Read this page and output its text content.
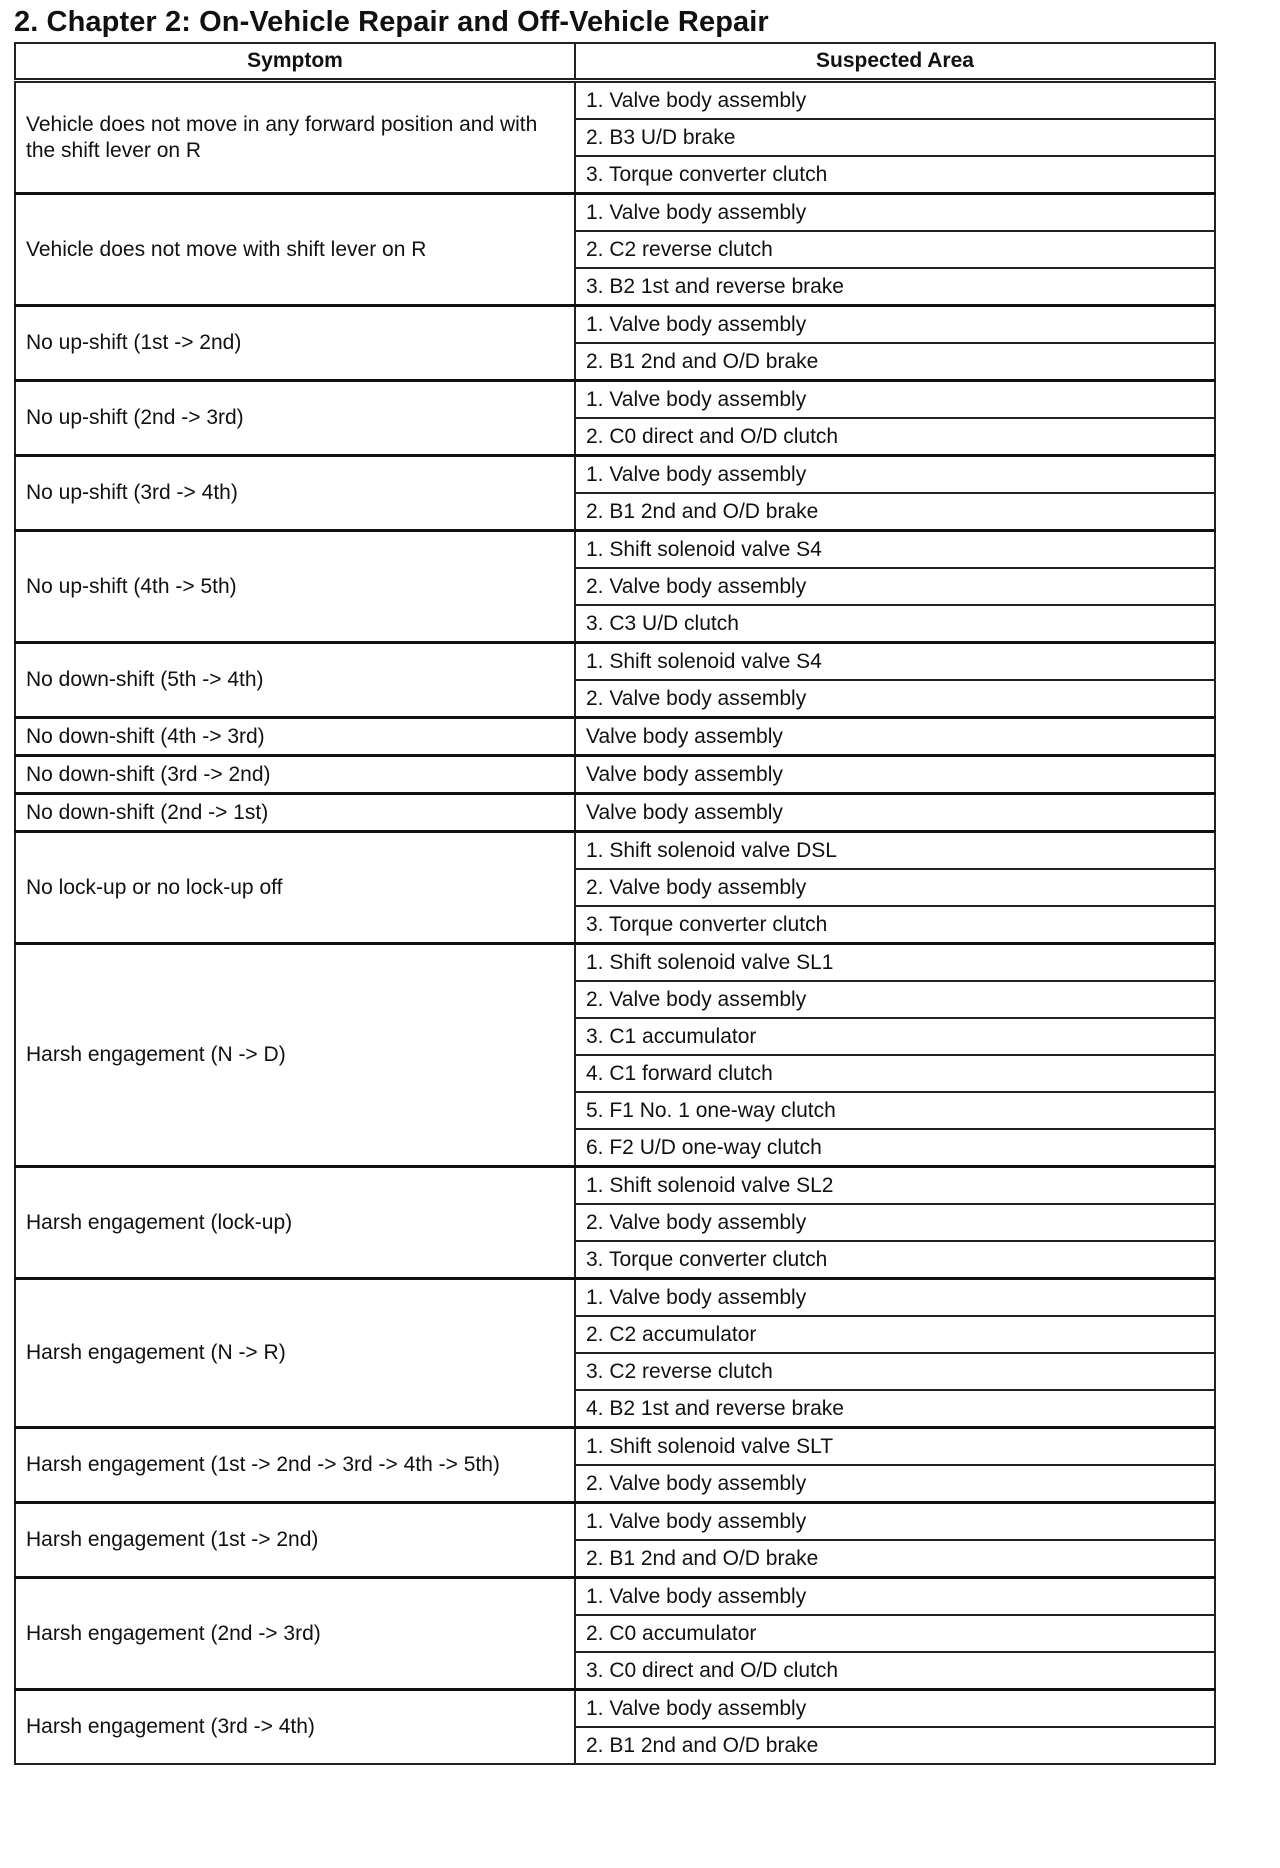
2. Chapter 2: On-Vehicle Repair and Off-Vehicle Repair
Symptom	Suspected Area
Vehicle does not move in any forward position and with the shift lever on R	1. Valve body assembly
	2. B3 U/D brake
	3. Torque converter clutch
Vehicle does not move with shift lever on R	1. Valve body assembly
	2. C2 reverse clutch
	3. B2 1st and reverse brake
No up-shift (1st -> 2nd)	1. Valve body assembly
	2. B1 2nd and O/D brake
No up-shift (2nd -> 3rd)	1. Valve body assembly
	2. C0 direct and O/D clutch
No up-shift (3rd -> 4th)	1. Valve body assembly
	2. B1 2nd and O/D brake
No up-shift (4th -> 5th)	1. Shift solenoid valve S4
	2. Valve body assembly
	3. C3 U/D clutch
No down-shift (5th -> 4th)	1. Shift solenoid valve S4
	2. Valve body assembly
No down-shift (4th -> 3rd)	Valve body assembly
No down-shift (3rd -> 2nd)	Valve body assembly
No down-shift (2nd -> 1st)	Valve body assembly
No lock-up or no lock-up off	1. Shift solenoid valve DSL
	2. Valve body assembly
	3. Torque converter clutch
Harsh engagement (N -> D)	1. Shift solenoid valve SL1
	2. Valve body assembly
	3. C1 accumulator
	4. C1 forward clutch
	5. F1 No. 1 one-way clutch
	6. F2 U/D one-way clutch
Harsh engagement (lock-up)	1. Shift solenoid valve SL2
	2. Valve body assembly
	3. Torque converter clutch
Harsh engagement (N -> R)	1. Valve body assembly
	2. C2 accumulator
	3. C2 reverse clutch
	4. B2 1st and reverse brake
Harsh engagement (1st -> 2nd -> 3rd -> 4th -> 5th)	1. Shift solenoid valve SLT
	2. Valve body assembly
Harsh engagement (1st -> 2nd)	1. Valve body assembly
	2. B1 2nd and O/D brake
Harsh engagement (2nd -> 3rd)	1. Valve body assembly
	2. C0 accumulator
	3. C0 direct and O/D clutch
Harsh engagement (3rd -> 4th)	1. Valve body assembly
	2. B1 2nd and O/D brake
